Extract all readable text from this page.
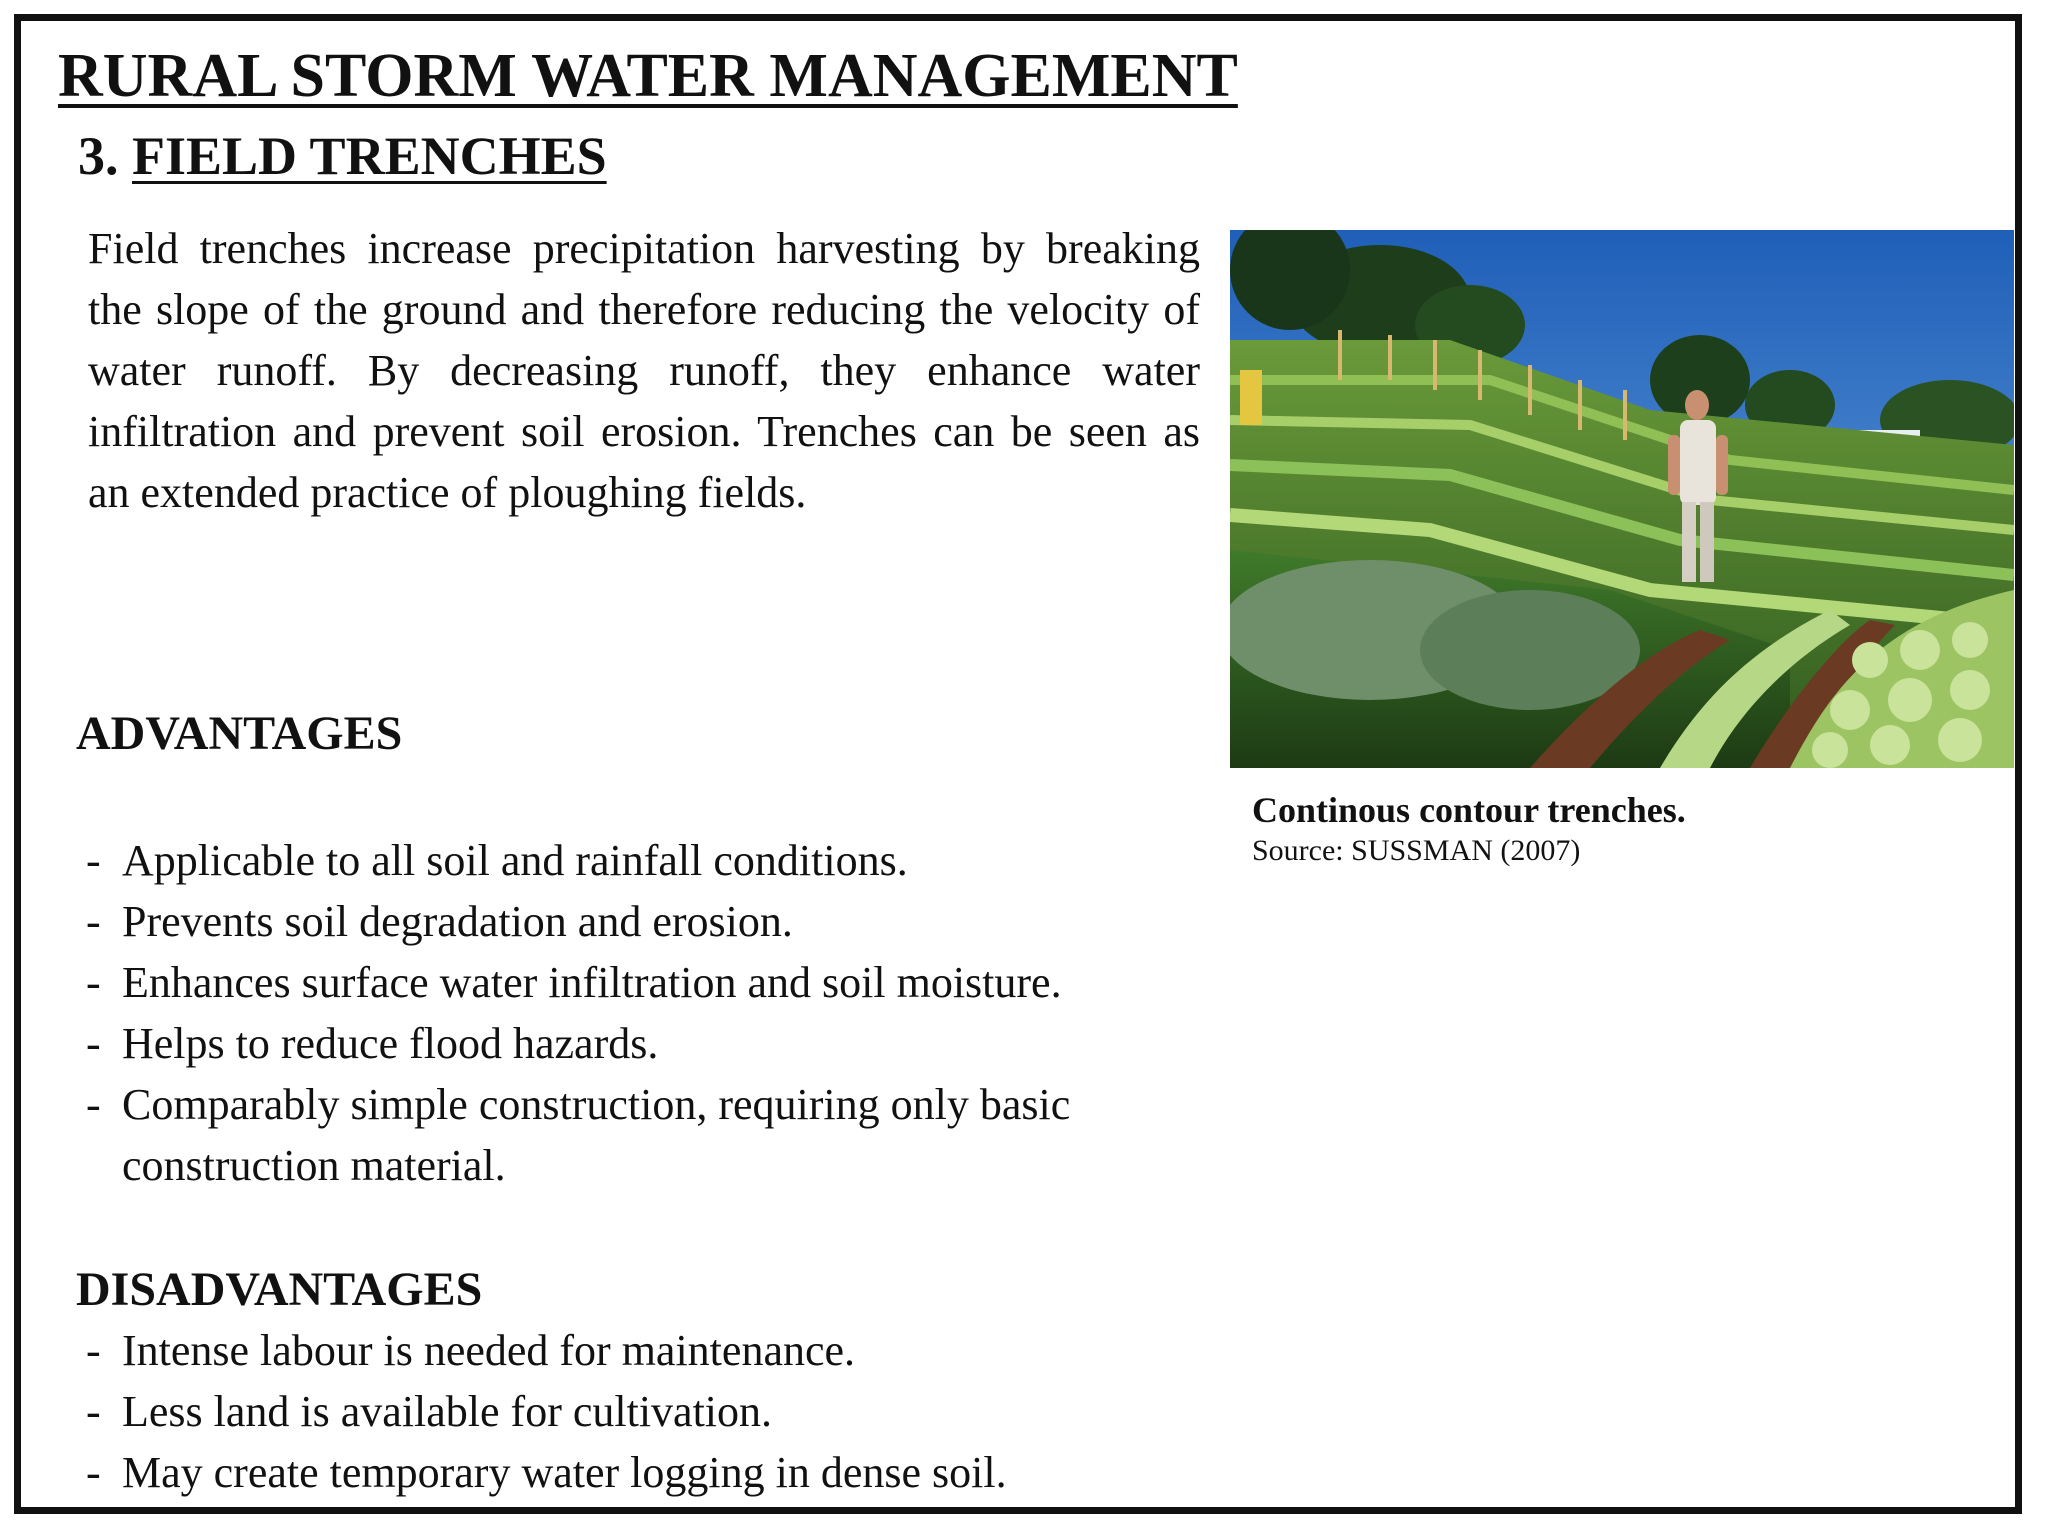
RURAL STORM WATER MANAGEMENT
3. FIELD TRENCHES

Field trenches increase precipitation harvesting by breaking the slope of the ground and therefore reducing the velocity of water runoff. By decreasing runoff, they enhance water infiltration and prevent soil erosion. Trenches can be seen as an extended practice of ploughing fields.

ADVANTAGES
- Applicable to all soil and rainfall conditions.
- Prevents soil degradation and erosion.
- Enhances surface water infiltration and soil moisture.
- Helps to reduce flood hazards.
- Comparably simple construction, requiring only basic construction material.
DISADVANTAGES
- Intense labour is needed for maintenance.
- Less land is available for cultivation.
- May create temporary water logging in dense soil.
Continous contour trenches.
Source: SUSSMAN (2007)
